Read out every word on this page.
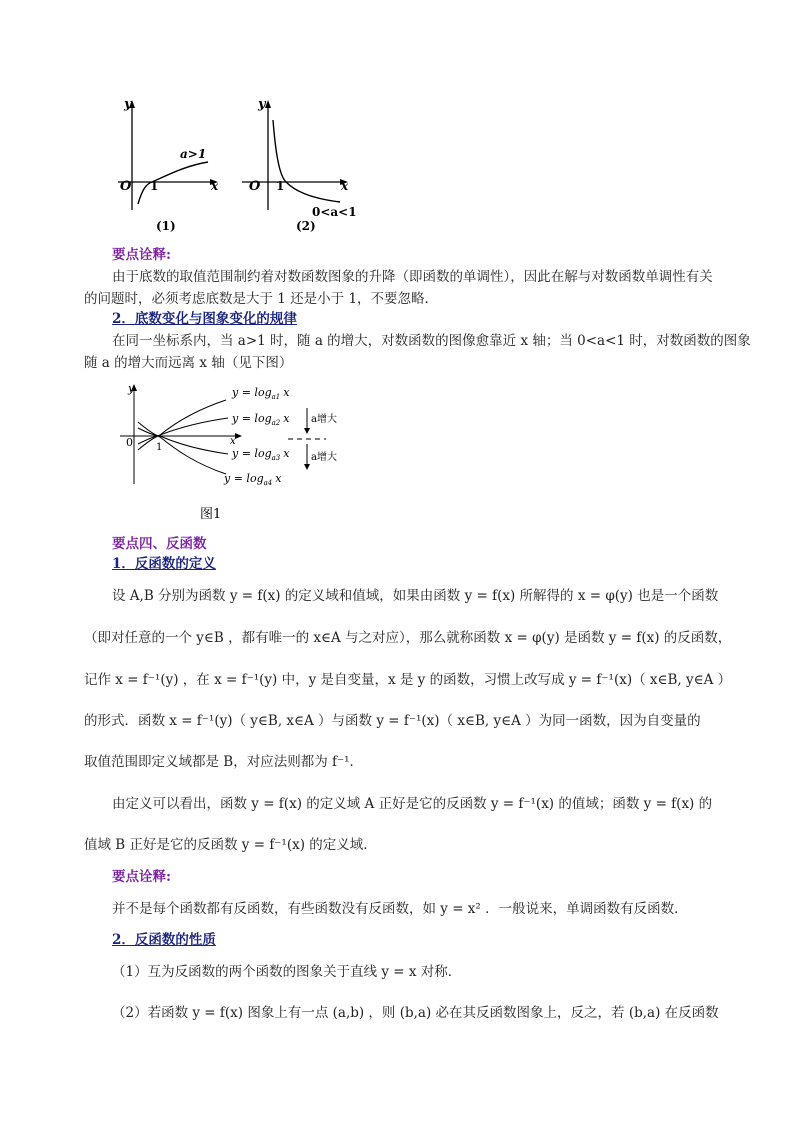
y
O 1	x
a>1
(1)
y
O 1	x
0<a<1
(2)
要点诠释:
由于底数的取值范围制约着对数函数图象的升降（即函数的单调性），因此在解与对数函数单调性有关
的问题时，必须考虑底数是大于 1 还是小于 1，不要忽略．
2．底数变化与图象变化的规律
在同一坐标系内，当 a>1 时，随 a 的增大，对数函数的图像愈靠近 x 轴；当 0<a<1 时，对数函数的图象
随 a 的增大而远离 x 轴（见下图）
y
0 1
x
$y = \log_{a1} x$
$y = \log_{a2} x$
$y = \log_{a3} x$
$y = \log_{a4} x$
a增大
a增大
图1
要点四、反函数
1．反函数的定义
设 A,B 分别为函数 y = f(x) 的定义域和值域，如果由函数 y = f(x) 所解得的 x = φ(y) 也是一个函数
（即对任意的一个 y∈B ，都有唯一的 x∈A 与之对应），那么就称函数 x = φ(y) 是函数 y = f(x) 的反函数，
记作 x = f⁻¹(y) ，在 x = f⁻¹(y) 中，y 是自变量，x 是 y 的函数，习惯上改写成 y = f⁻¹(x)（ x∈B, y∈A ）
的形式．函数 x = f⁻¹(y)（ y∈B, x∈A ）与函数 y = f⁻¹(x)（ x∈B, y∈A ）为同一函数，因为自变量的
取值范围即定义域都是 B，对应法则都为 f⁻¹．
由定义可以看出，函数 y = f(x) 的定义域 A 正好是它的反函数 y = f⁻¹(x) 的值域；函数 y = f(x) 的
值域 B 正好是它的反函数 y = f⁻¹(x) 的定义域．
要点诠释:
并不是每个函数都有反函数，有些函数没有反函数，如 y = x² ．一般说来，单调函数有反函数．
2．反函数的性质
（1）互为反函数的两个函数的图象关于直线 y = x 对称．
（2）若函数 y = f(x) 图象上有一点 (a,b) ，则 (b,a) 必在其反函数图象上，反之，若 (b,a) 在反函数
